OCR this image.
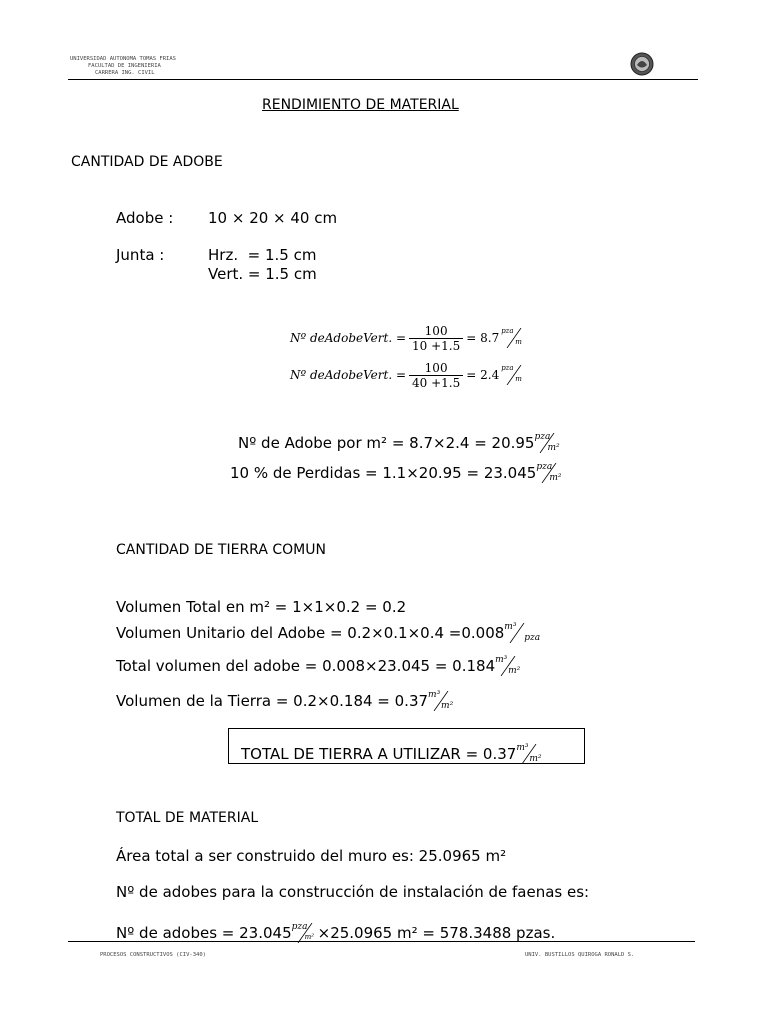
UNIVERSIDAD AUTONOMA TOMAS FRIAS
FACULTAD DE INGENIERIA
CARRERA ING. CIVIL
RENDIMIENTO DE MATERIAL
CANTIDAD DE ADOBE
Adobe : 10 × 20 × 40 cm
Junta :	Hrz.  = 1.5 cm
Vert. = 1.5 cm
Nº deAdobeVert. = $\frac{100}{10 +1.5} = 8.7$ pza
m
Nº deAdobeVert. = $\frac{100}{40 +1.5} = 2.4$ pza
m
Nº de Adobe por m² = 8.7×2.4 = 20.95 pza
m²
10 % de Perdidas = 1.1×20.95 = 23.045 pza
m²
CANTIDAD DE TIERRA COMUN
Volumen Total en m² = 1×1×0.2 = 0.2
Volumen Unitario del Adobe = 0.2×0.1×0.4 =0.008 m³
pza
Total volumen del adobe = 0.008×23.045 = 0.184 m³
m²
Volumen de la Tierra = 0.2×0.184 = 0.37 m³
m²
TOTAL DE TIERRA A UTILIZAR = 0.37 m³
m²
TOTAL DE MATERIAL
Área total a ser construido del muro es: 25.0965 m²
Nº de adobes para la construcción de instalación de faenas es:
Nº de adobes = 23.045 pza
m² ×25.0965 m² = 578.3488 pzas.
PROCESOS CONSTRUCTIVOS (CIV-340)	UNIV. BUSTILLOS QUIROGA RONALD S.
